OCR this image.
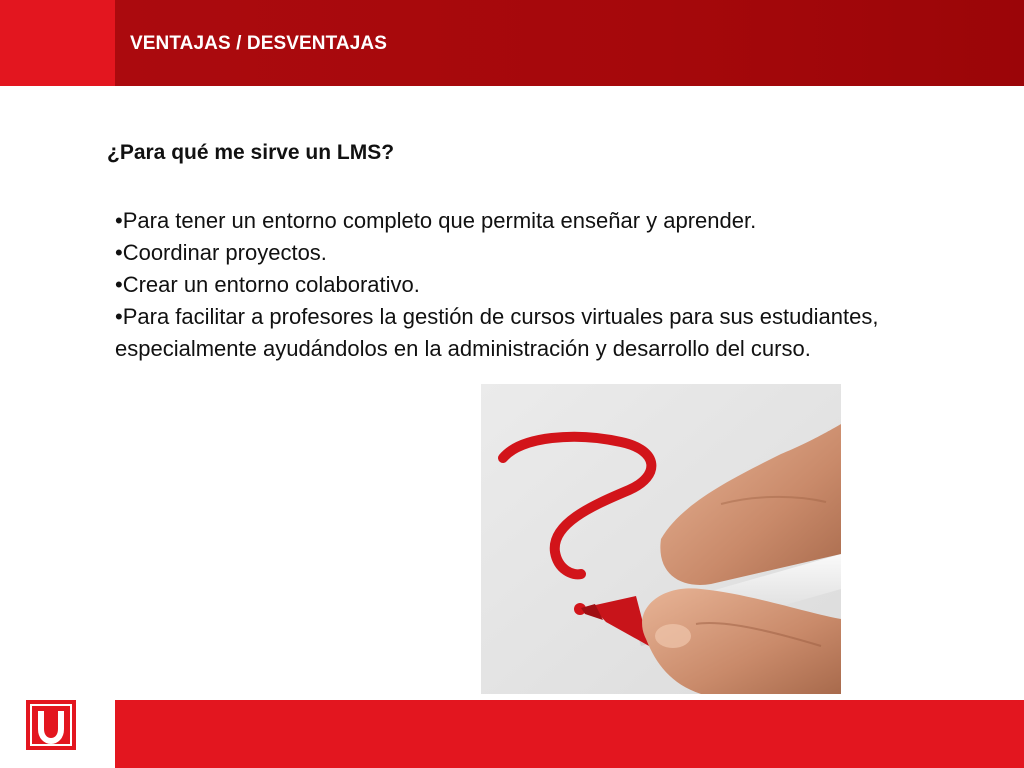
VENTAJAS / DESVENTAJAS
¿Para qué me sirve un LMS?
•Para tener un entorno completo que permita enseñar y aprender.
•Coordinar proyectos.
•Crear un entorno colaborativo.
•Para facilitar a profesores la gestión de cursos virtuales para sus estudiantes, especialmente ayudándolos en la administración y desarrollo del curso.
